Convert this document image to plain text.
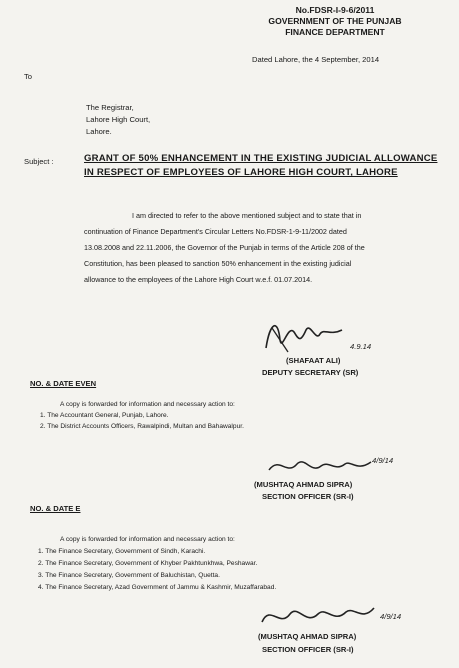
No.FDSR-I-9-6/2011

GOVERNMENT OF THE PUNJAB

FINANCE DEPARTMENT

Dated Lahore, the 4 September, 2014

To

The Registrar,

Lahore High Court,

Lahore.

Subject :	GRANT OF 50% ENHANCEMENT IN THE EXISTING JUDICIAL ALLOWANCE IN RESPECT OF EMPLOYEES OF LAHORE HIGH COURT, LAHORE

I am directed to refer to the above mentioned subject and to state that in

continuation of Finance Department's Circular Letters No.FDSR-1-9-11/2002 dated

13.08.2008 and 22.11.2006, the Governor of the Punjab in terms of the Article 208 of the

Constitution, has been pleased to sanction 50% enhancement in the existing judicial

allowance to the employees of the Lahore High Court w.e.f. 01.07.2014.

4.9.14

(SHAFAAT ALI)

DEPUTY SECRETARY (SR)

NO. & DATE EVEN

A copy is forwarded for information and necessary action to:

1. The Accountant General, Punjab, Lahore.

2. The District Accounts Officers, Rawalpindi, Multan and Bahawalpur.

4/9/14

(MUSHTAQ AHMAD SIPRA)

SECTION OFFICER (SR-I)

NO. & DATE E

A copy is forwarded for information and necessary action to:

1. The Finance Secretary, Government of Sindh, Karachi.

2. The Finance Secretary, Government of Khyber Pakhtunkhwa, Peshawar.

3. The Finance Secretary, Government of Baluchistan, Quetta.

4. The Finance Secretary, Azad Government of Jammu & Kashmir, Muzaffarabad.

4/9/14

(MUSHTAQ AHMAD SIPRA)

SECTION OFFICER (SR-I)
